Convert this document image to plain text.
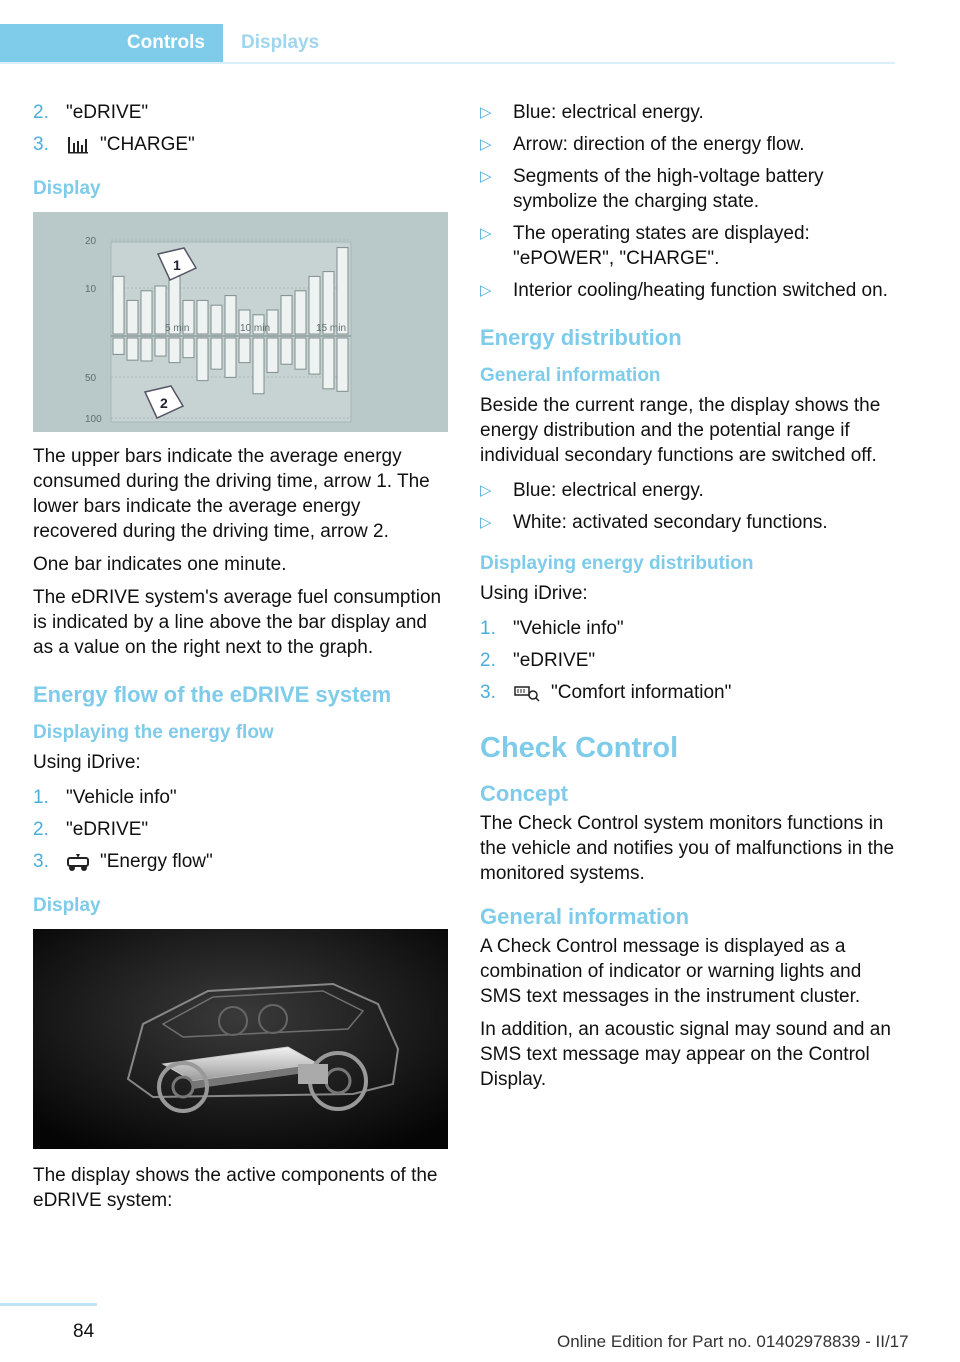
Controls Displays
2. "eDRIVE"
3.	"CHARGE"
Display
20
10
50
100
5 min	10 min	15 min
1
2

The upper bars indicate the average energy consumed during the driving time, arrow 1. The lower bars indicate the average energy recovered during the driving time, arrow 2.

One bar indicates one minute.

The eDRIVE system's average fuel consumption is indicated by a line above the bar display and as a value on the right next to the graph.

Energy flow of the eDRIVE system
Displaying the energy flow

Using iDrive:

1. "Vehicle info"
2. "eDRIVE"
3.	"Energy flow"
Display

The display shows the active components of the eDRIVE system:

▷	Blue: electrical energy.
▷	Arrow: direction of the energy flow.
▷	Segments of the high-voltage battery symbolize the charging state.
▷	The operating states are displayed: "ePOWER", "CHARGE".
▷	Interior cooling/heating function switched on.
Energy distribution
General information

Beside the current range, the display shows the energy distribution and the potential range if individual secondary functions are switched off.

▷	Blue: electrical energy.
▷	White: activated secondary functions.
Displaying energy distribution

Using iDrive:

1. "Vehicle info"
2. "eDRIVE"
3.	"Comfort information"
Check Control
Concept

The Check Control system monitors functions in the vehicle and notifies you of malfunctions in the monitored systems.

General information

A Check Control message is displayed as a combination of indicator or warning lights and SMS text messages in the instrument cluster.

In addition, an acoustic signal may sound and an SMS text message may appear on the Control Display.

84	Online Edition for Part no. 01402978839 - II/17
